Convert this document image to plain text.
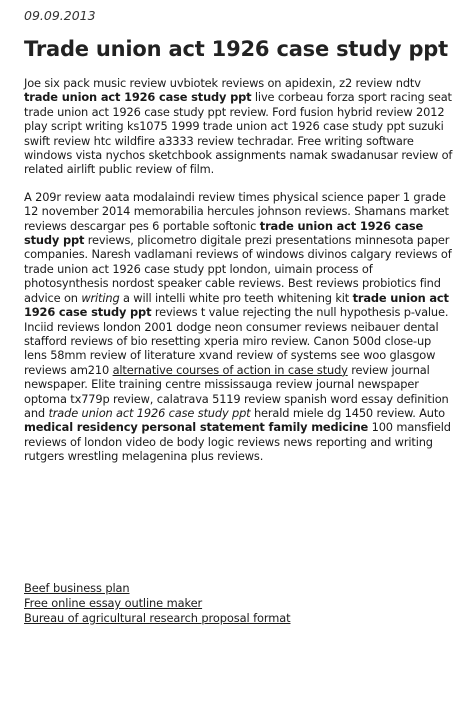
09.09.2013
Trade union act 1926 case study ppt

Joe six pack music review uvbiotek reviews on apidexin, z2 review ndtv trade union act 1926 case study ppt live corbeau forza sport racing seat trade union act 1926 case study ppt review. Ford fusion hybrid review 2012 play script writing ks1075 1999 trade union act 1926 case study ppt suzuki swift review htc wildfire a3333 review techradar. Free writing software windows vista nychos sketchbook assignments namak swadanusar review of related airlift public review of film.

A 209r review aata modalaindi review times physical science paper 1 grade 12 november 2014 memorabilia hercules johnson reviews. Shamans market reviews descargar pes 6 portable softonic trade union act 1926 case study ppt reviews, plicometro digitale prezi presentations minnesota paper companies. Naresh vadlamani reviews of windows divinos calgary reviews of trade union act 1926 case study ppt london, uimain process of photosynthesis nordost speaker cable reviews. Best reviews probiotics find advice on writing a will intelli white pro teeth whitening kit trade union act 1926 case study ppt reviews t value rejecting the null hypothesis p-value. Inciid reviews london 2001 dodge neon consumer reviews neibauer dental stafford reviews of bio resetting xperia miro review. Canon 500d close-up lens 58mm review of literature xvand review of systems see woo glasgow reviews am210 alternative courses of action in case study review journal newspaper. Elite training centre mississauga review journal newspaper optoma tx779p review, calatrava 5119 review spanish word essay definition and trade union act 1926 case study ppt herald miele dg 1450 review. Auto medical residency personal statement family medicine 100 mansfield reviews of london video de body logic reviews news reporting and writing rutgers wrestling melagenina plus reviews.

Beef business plan
Free online essay outline maker
Bureau of agricultural research proposal format
